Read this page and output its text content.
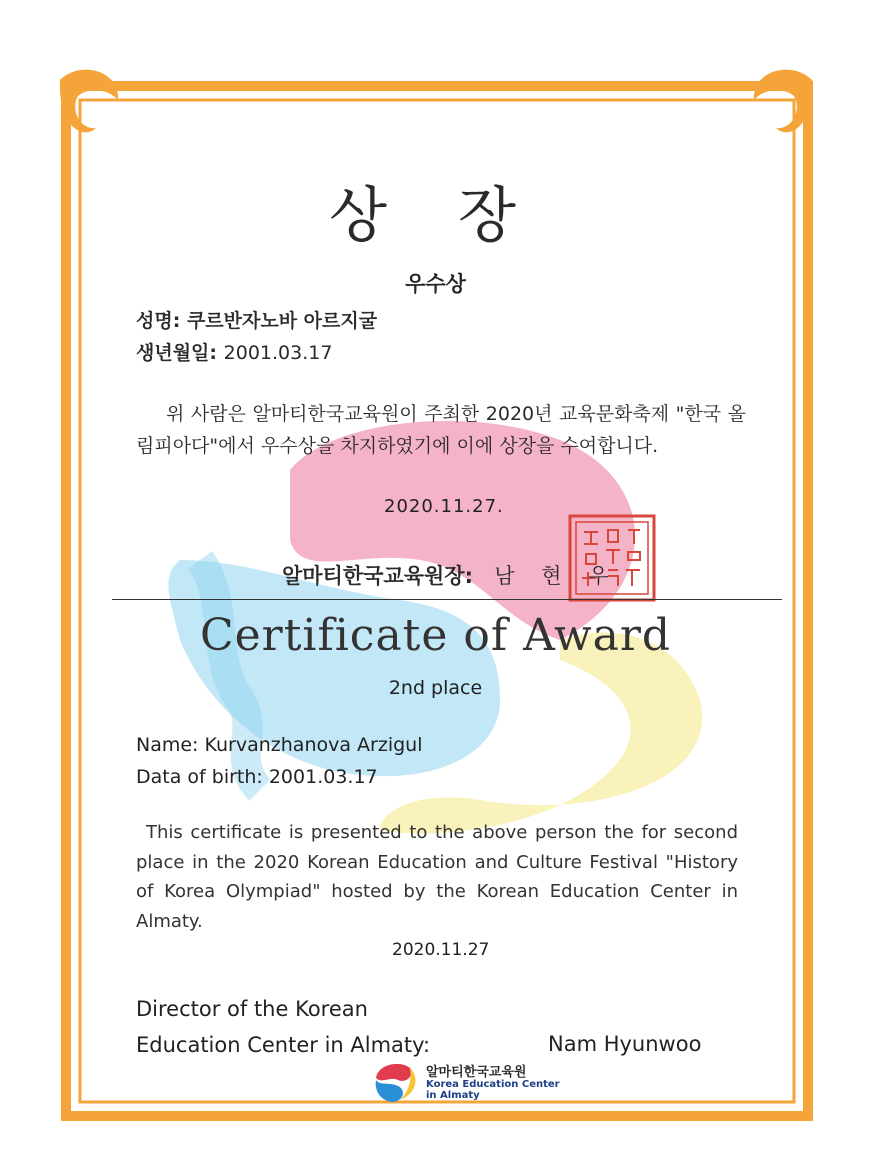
상 장
우수상
성명: 쿠르반자노바 아르지굴
생년월일: 2001.03.17
위 사람은 알마티한국교육원이 주최한 2020년 교육문화축제 "한국 올림피아다"에서 우수상을 차지하였기에 이에 상장을 수여합니다.
2020.11.27.
알마티한국교육원장: 남 현 우
Certificate of Award
2nd place
Name: Kurvanzhanova Arzigul
Data of birth: 2001.03.17
This certificate is presented to the above person the for second place in the 2020 Korean Education and Culture Festival "History of Korea Olympiad" hosted by the Korean Education Center in Almaty.
2020.11.27
Director of the Korean
Education Center in Almaty:	Nam Hyunwoo
알마티한국교육원
Korea Education Center
in Almaty
